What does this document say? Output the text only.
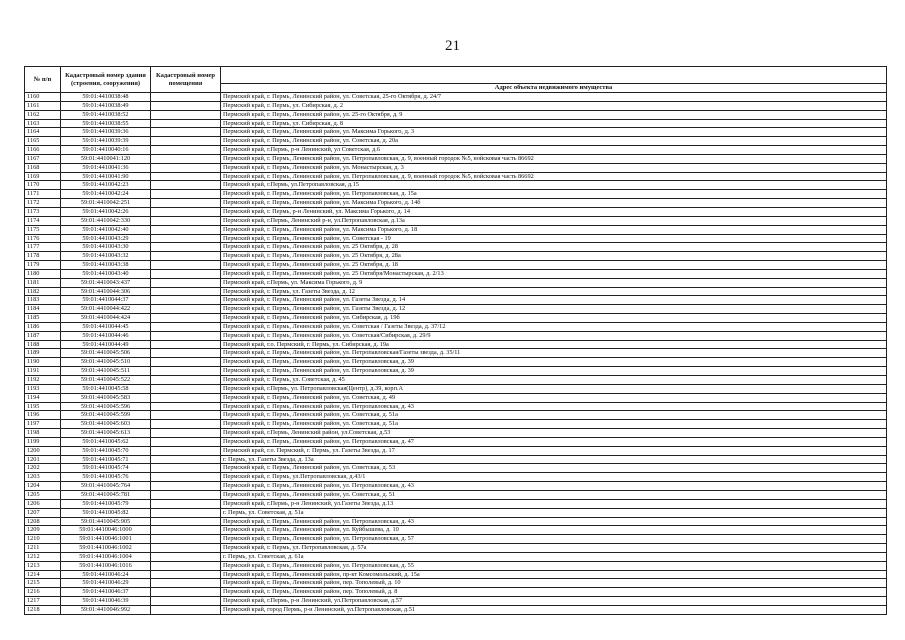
21
№ п/п	Кадастровый номер здания (строения, сооружения)	Кадастровый номер помещения	
			Адрес объекта недвижимого имущества
1160	59:01:4410038:48		Пермский край, г. Пермь, Ленинский район, ул. Советская, 25-го Октября, д. 24/7
1161	59:01:4410038:49		Пермский край, г. Пермь, ул. Сибирская, д. 2
1162	59:01:4410038:52		Пермский край, г. Пермь, Ленинский район, ул. 25-го Октября, д. 9
1163	59:01:4410038:55		Пермский край, г. Пермь, ул. Сибирская, д. 8
1164	59:01:4410039:36		Пермский край, г. Пермь, Ленинский район, ул. Максима Горького, д. 3
1165	59:01:4410039:39		Пермский край, г. Пермь, Ленинский район, ул. Советская, д. 20а
1166	59:01:4410040:16		Пермский край, г.Пермь, р-н Ленинский, ул Советская, д.6
1167	59:01:4410041:120		Пермский край, г. Пермь, Ленинский район, ул. Петропавловская, д. 9, военный городок №5, войсковая часть 86692
1168	59:01:4410041:36		Пермский край, г. Пермь, Ленинский район, ул. Монастырская, д. 3
1169	59:01:4410041:90		Пермский край, г. Пермь, Ленинский район, ул. Петропавловская, д. 9, военный городок №5, войсковая часть 86692
1170	59:01:4410042:23		Пермский край, г.Пермь, ул.Петропавловская, д.15
1171	59:01:4410042:24		Пермский край, г. Пермь, Ленинский район, ул. Петропавловская, д. 15а
1172	59:01:4410042:251		Пермский край, г. Пермь, Ленинский район, ул. Максима Горького, д. 14б
1173	59:01:4410042:26		Пермский край, г. Пермь, р-н Ленинский, ул. Максима Горького, д. 14
1174	59:01:4410042:330		Пермский край, г.Пермь, Ленинский р-н, ул.Петропавловская, д.13а
1175	59:01:4410042:40		Пермский край, г. Пермь, Ленинский район, ул. Максима Горького, д. 18
1176	59:01:4410043:29		Пермский край, г. Пермь, Ленинский район, ул. Советская - 19
1177	59:01:4410043:30		Пермский край, г. Пермь, Ленинский район, ул. 25 Октября, д. 28
1178	59:01:4410043:32		Пермский край, г. Пермь, Ленинский район, ул. 25 Октября, д. 28а
1179	59:01:4410043:38		Пермский край, г. Пермь, Ленинский район, ул. 25 Октября, д. 18
1180	59:01:4410043:40		Пермский край, г. Пермь, Ленинский район, ул. 25 Октября/Монастырская, д. 2/13
1181	59:01:4410043:437		Пермский край, г.Пермь, ул. Максима Горького, д. 9
1182	59:01:4410044:306		Пермский край, г. Пермь, ул. Газеты Звезда, д. 12
1183	59:01:4410044:37		Пермский край, г. Пермь, Ленинский район, ул. Газеты Звезда, д. 14
1184	59:01:4410044:422		Пермский край, г. Пермь, Ленинский район, ул. Газеты Звезда, д. 12
1185	59:01:4410044:424		Пермский край, г. Пермь, Ленинский район, ул. Сибирская, д. 19б
1186	59:01:4410044:45		Пермский край, г. Пермь, Ленинский район, ул. Советская / Газеты Звезда, д. 37/12
1187	59:01:4410044:46		Пермский край, г. Пермь, Ленинский район, ул. Советская/Сибирская, д. 29/9
1188	59:01:4410044:49		Пермский край, г.о. Пермский, г. Пермь, ул. Сибирская, д. 19а
1189	59:01:4410045:506		Пермский край, г. Пермь, Ленинский район, ул. Петропавловская/Газеты звезда, д. 35/11
1190	59:01:4410045:510		Пермский край, г. Пермь, Ленинский район, ул. Петропавловская, д. 39
1191	59:01:4410045:511		Пермский край, г. Пермь, Ленинский район, ул. Петропавловская, д. 39
1192	59:01:4410045:522		Пермский край, г. Пермь, ул. Советская, д. 45
1193	59:01:4410045:58		Пермский край, г.Пермь, ул. Петропавловская(Центр), д.39, корп.А
1194	59:01:4410045:583		Пермский край, г. Пермь, Ленинский район, ул. Советская, д. 49
1195	59:01:4410045:596		Пермский край, г. Пермь, Ленинский район, ул. Петропавловская, д. 43
1196	59:01:4410045:599		Пермский край, г. Пермь, Ленинский район, ул. Советская, д. 51а
1197	59:01:4410045:603		Пермский край, г. Пермь, Ленинский район, ул. Советская, д. 51а
1198	59:01:4410045:613		Пермский край, г.Пермь, Ленинский район, ул.Советская, д.53
1199	59:01:4410045:62		Пермский край, г. Пермь, Ленинский район, ул. Петропавловская, д. 47
1200	59:01:4410045:70		Пермский край, г.о. Пермский, г. Пермь, ул. Газеты Звезда, д. 17
1201	59:01:4410045:71		г. Пермь, ул. Газеты Звезда, д. 13а
1202	59:01:4410045:74		Пермский край, г. Пермь, Ленинский район, ул. Советская, д. 53
1203	59:01:4410045:76		Пермский край, г. Пермь, ул.Петропавловская, д.43/1
1204	59:01:4410045:764		Пермский край, г. Пермь, Ленинский район, ул. Петропавловская, д. 43
1205	59:01:4410045:781		Пермский край, г. Пермь, Ленинский район, ул. Советская, д. 51
1206	59:01:4410045:79		Пермский край, г.Пермь, р-н Ленинский, ул.Газеты Звезда, д.13
1207	59:01:4410045:82		г. Пермь, ул. Советская, д. 51а
1208	59:01:4410045:905		Пермский край, г. Пермь, Ленинский район, ул. Петропавловская, д. 43
1209	59:01:4410046:1000		Пермский край, г. Пермь, Ленинский район, ул. Куйбышева, д. 10
1210	59:01:4410046:1001		Пермский край, г. Пермь, Ленинский район, ул. Петропавловская, д. 57
1211	59:01:4410046:1002		Пермский край, г. Пермь, ул. Петропавловская, д. 57а
1212	59:01:4410046:1004		г. Пермь, ул. Советская, д. 61а
1213	59:01:4410046:1016		Пермский край, г. Пермь, Ленинский район, ул. Петропавловская, д. 55
1214	59:01:4410046:24		Пермский край, г. Пермь, Ленинский район, пр-кт Комсомольский, д. 15а
1215	59:01:4410046:29		Пермский край, г. Пермь, Ленинский район, пер. Тополевый, д. 10
1216	59:01:4410046:37		Пермский край, г. Пермь, Ленинский район, пер. Тополевый, д. 8
1217	59:01:4410046:39		Пермский край, г.Пермь, р-н Ленинский, ул.Петропавловская, д.57
1218	59:01:4410046:992		Пермский край, город Пермь, р-н Ленинский, ул.Петропавловская, д.51
